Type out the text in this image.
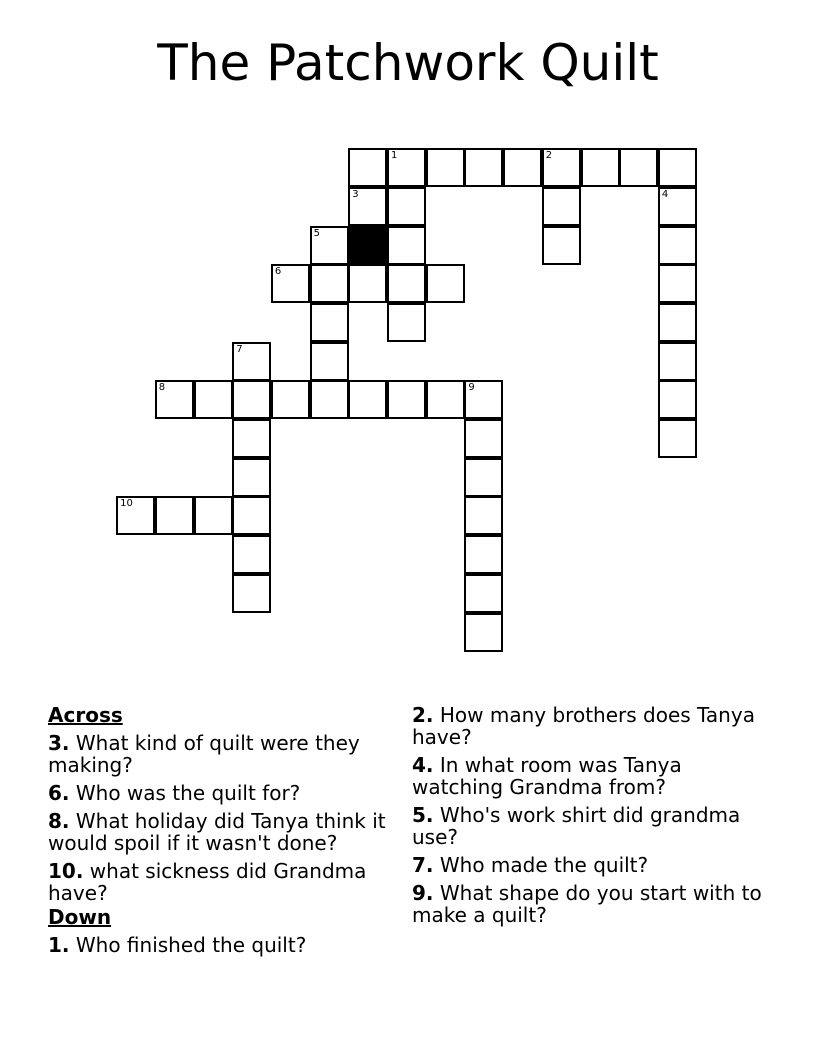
The Patchwork Quilt
1	2
3	4
5
6
7
8	9
10
Across
3. What kind of quilt were they making?
6. Who was the quilt for?
8. What holiday did Tanya think it would spoil if it wasn't done?
10. what sickness did Grandma have?
Down
1. Who finished the quilt?
2. How many brothers does Tanya have?
4. In what room was Tanya watching Grandma from?
5. Who's work shirt did grandma use?
7. Who made the quilt?
9. What shape do you start with to make a quilt?
